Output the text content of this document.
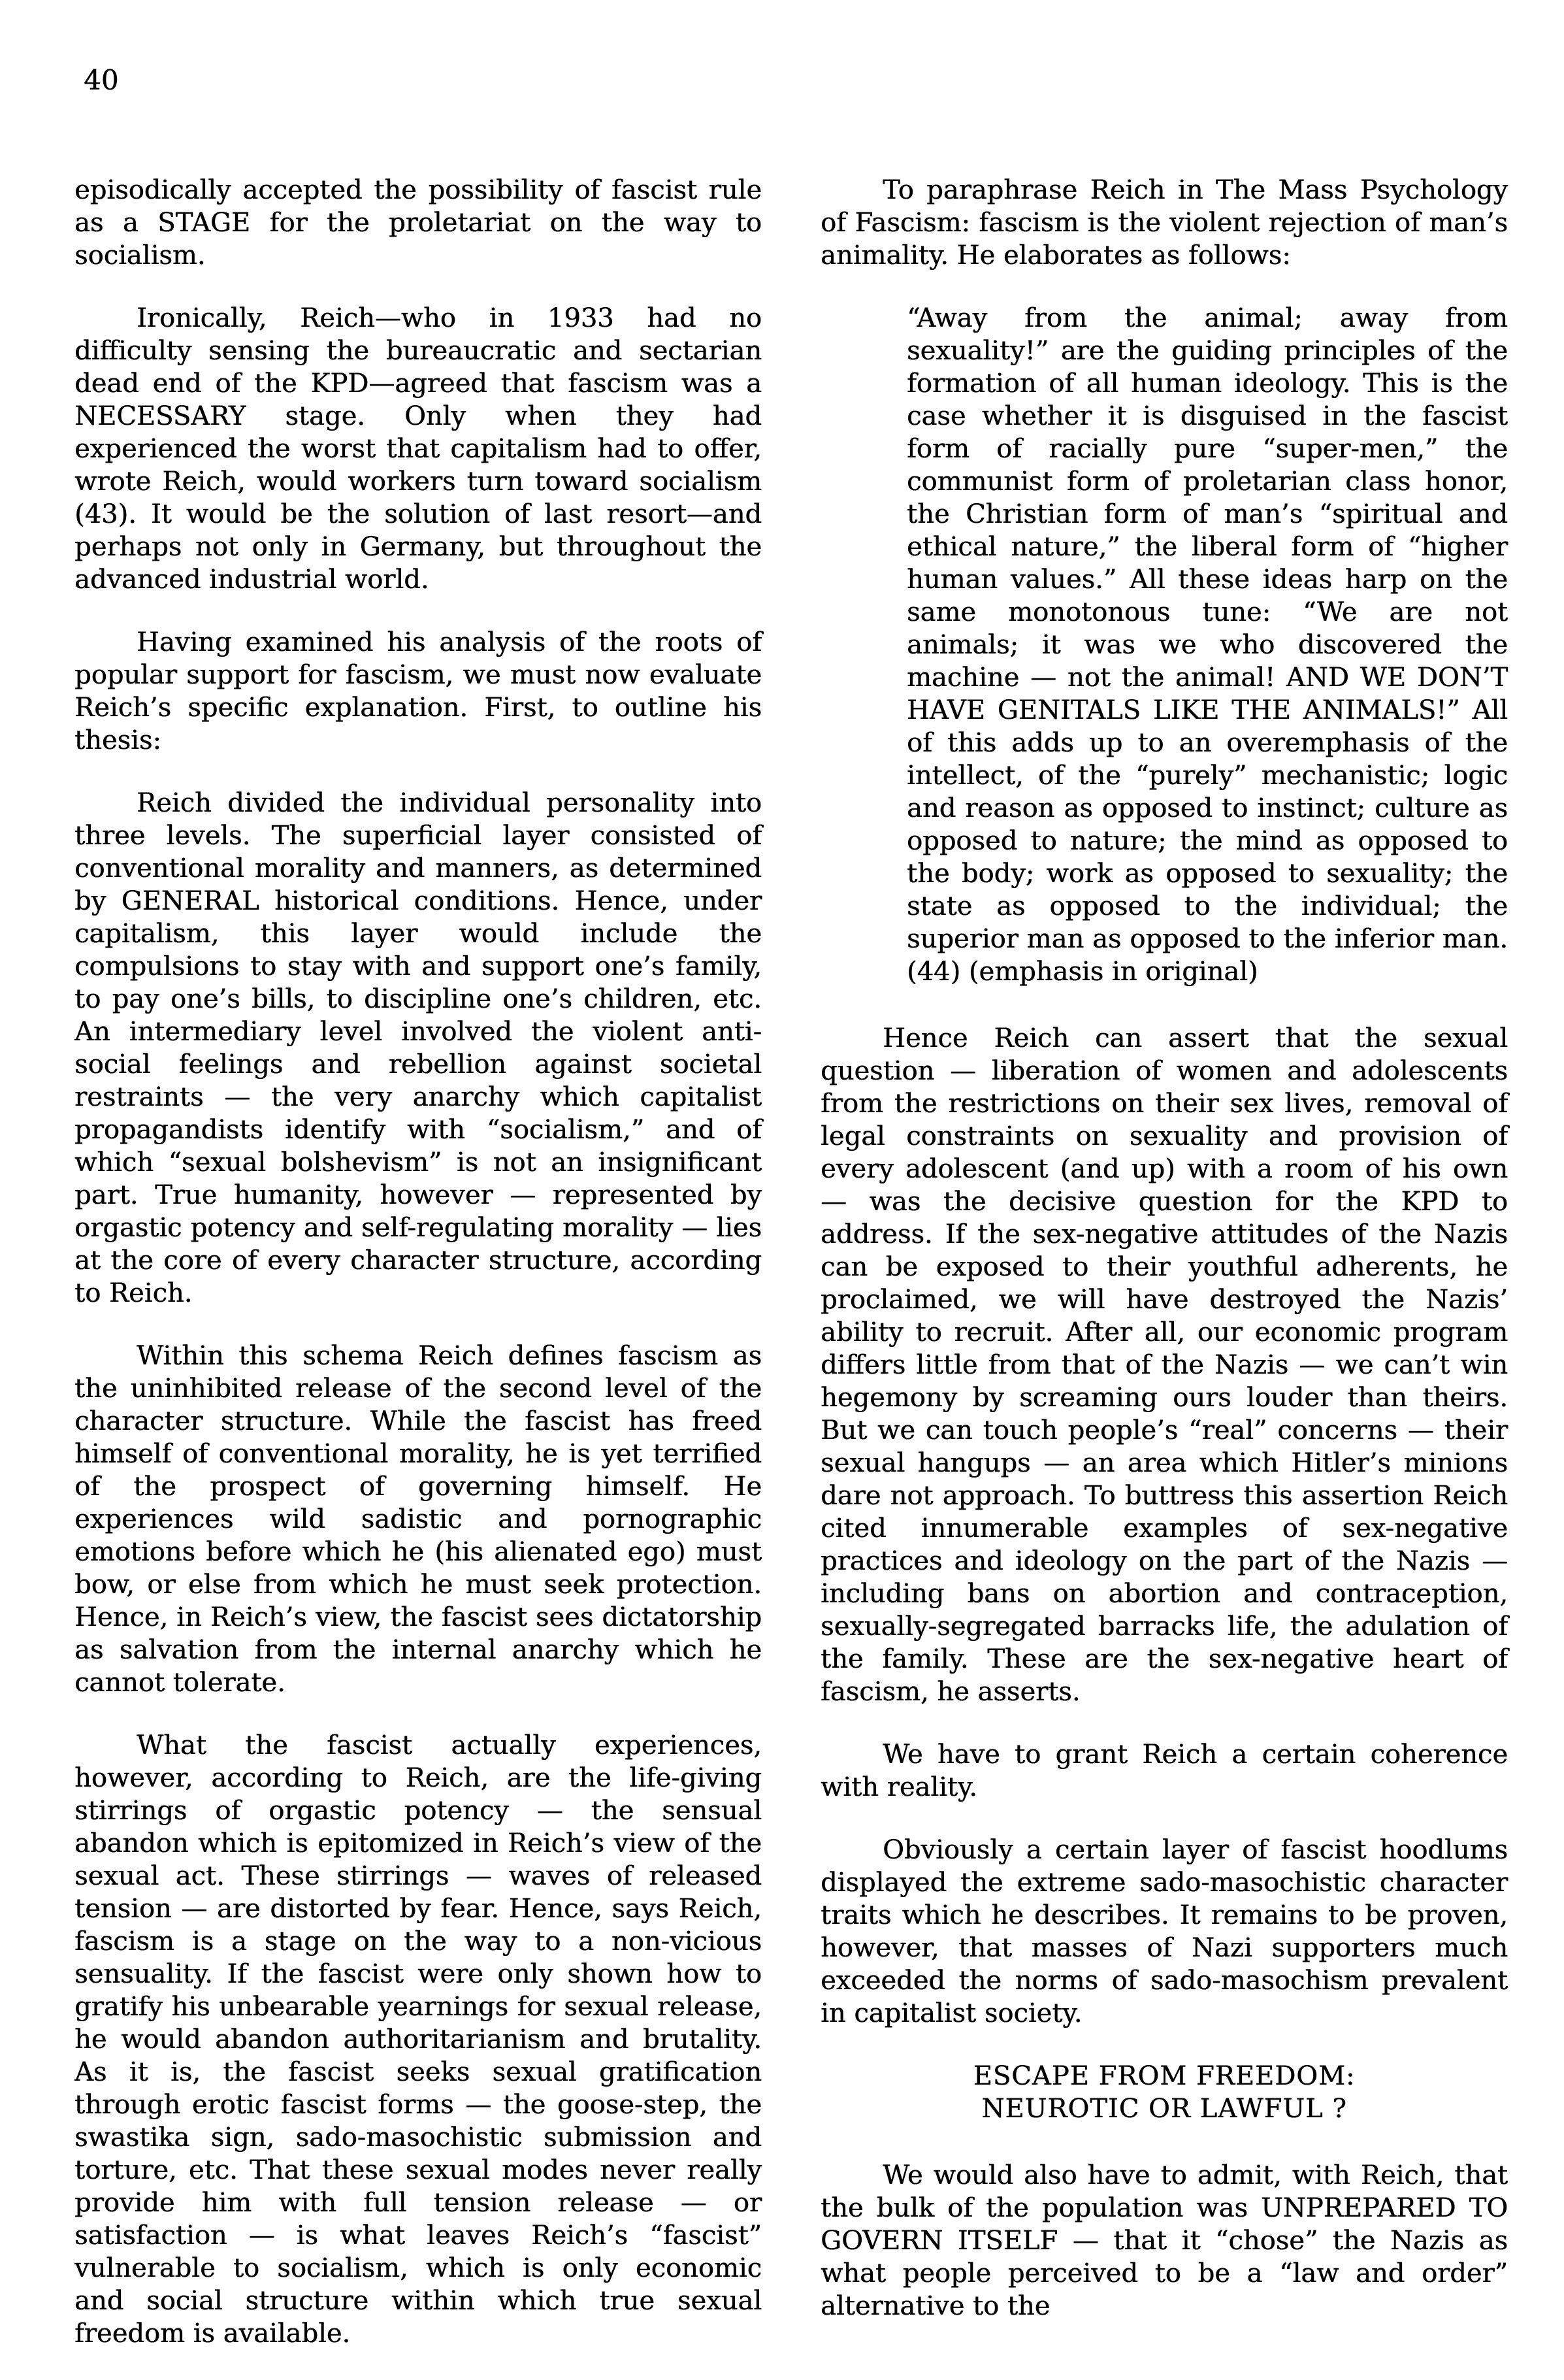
40

episodically accepted the possibility of fascist rule as a STAGE for the proletariat on the way to socialism.

Ironically, Reich—who in 1933 had no difficulty sensing the bureaucratic and sectarian dead end of the KPD—agreed that fascism was a NECESSARY stage. Only when they had experienced the worst that capitalism had to offer, wrote Reich, would workers turn toward socialism (43). It would be the solution of last resort—and perhaps not only in Germany, but throughout the advanced industrial world.

Having examined his analysis of the roots of popular support for fascism, we must now evaluate Reich’s specific explanation. First, to outline his thesis:

Reich divided the individual personality into three levels. The superficial layer consisted of conventional morality and manners, as determined by GENERAL historical conditions. Hence, under capitalism, this layer would include the compulsions to stay with and support one’s family, to pay one’s bills, to discipline one’s children, etc. An intermediary level involved the violent anti-social feelings and rebellion against societal restraints — the very anarchy which capitalist propagandists identify with “socialism,” and of which “sexual bolshevism” is not an insignificant part. True humanity, however — represented by orgastic potency and self-regulating morality — lies at the core of every character structure, according to Reich.

Within this schema Reich defines fascism as the uninhibited release of the second level of the character structure. While the fascist has freed himself of conventional morality, he is yet terrified of the prospect of governing himself. He experiences wild sadistic and pornographic emotions before which he (his alienated ego) must bow, or else from which he must seek protection. Hence, in Reich’s view, the fascist sees dictatorship as salvation from the internal anarchy which he cannot tolerate.

What the fascist actually experiences, however, according to Reich, are the life-giving stirrings of orgastic potency — the sensual abandon which is epitomized in Reich’s view of the sexual act. These stirrings — waves of released tension — are distorted by fear. Hence, says Reich, fascism is a stage on the way to a non-vicious sensuality. If the fascist were only shown how to gratify his unbearable yearnings for sexual release, he would abandon authoritarianism and brutality. As it is, the fascist seeks sexual gratification through erotic fascist forms — the goose-step, the swastika sign, sado-masochistic submission and torture, etc. That these sexual modes never really provide him with full tension release — or satisfaction — is what leaves Reich’s “fascist” vulnerable to socialism, which is only economic and social structure within which true sexual freedom is available.

To paraphrase Reich in The Mass Psychology of Fascism: fascism is the violent rejection of man’s animality. He elaborates as follows:

“Away from the animal; away from sexuality!” are the guiding principles of the formation of all human ideology. This is the case whether it is disguised in the fascist form of racially pure “super-men,” the communist form of proletarian class honor, the Christian form of man’s “spiritual and ethical nature,” the liberal form of “higher human values.” All these ideas harp on the same monotonous tune: “We are not animals; it was we who discovered the machine — not the animal! AND WE DON’T HAVE GENITALS LIKE THE ANIMALS!” All of this adds up to an overemphasis of the intellect, of the “purely” mechanistic; logic and reason as opposed to instinct; culture as opposed to nature; the mind as opposed to the body; work as opposed to sexuality; the state as opposed to the individual; the superior man as opposed to the inferior man.(44) (emphasis in original)

Hence Reich can assert that the sexual question — liberation of women and adolescents from the restrictions on their sex lives, removal of legal constraints on sexuality and provision of every adolescent (and up) with a room of his own — was the decisive question for the KPD to address. If the sex-negative attitudes of the Nazis can be exposed to their youthful adherents, he proclaimed, we will have destroyed the Nazis’ ability to recruit. After all, our economic program differs little from that of the Nazis — we can’t win hegemony by screaming ours louder than theirs. But we can touch people’s “real” concerns — their sexual hangups — an area which Hitler’s minions dare not approach. To buttress this assertion Reich cited innumerable examples of sex-negative practices and ideology on the part of the Nazis — including bans on abortion and contraception, sexually-segregated barracks life, the adulation of the family. These are the sex-negative heart of fascism, he asserts.

We have to grant Reich a certain coherence with reality.

Obviously a certain layer of fascist hoodlums displayed the extreme sado-masochistic character traits which he describes. It remains to be proven, however, that masses of Nazi supporters much exceeded the norms of sado-masochism prevalent in capitalist society.

ESCAPE FROM FREEDOM:
NEUROTIC OR LAWFUL ?

We would also have to admit, with Reich, that the bulk of the population was UNPREPARED TO GOVERN ITSELF — that it “chose” the Nazis as what people perceived to be a “law and order” alternative to the
